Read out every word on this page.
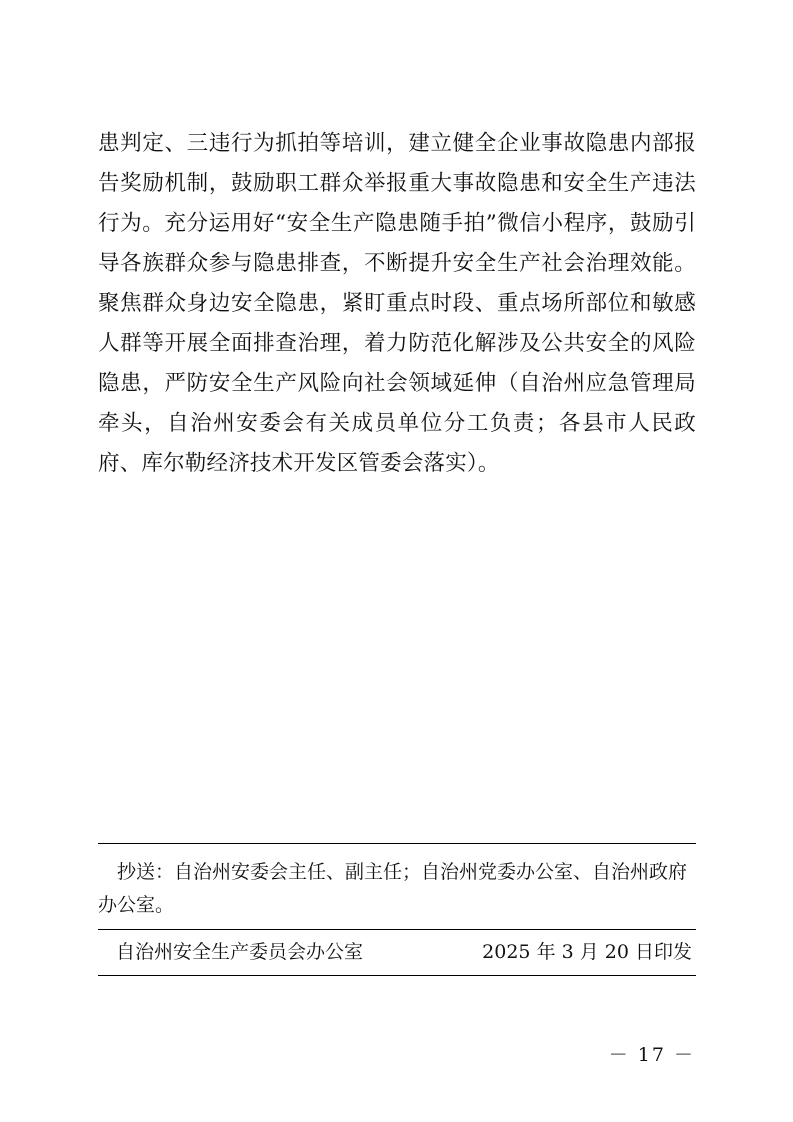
患判定、三违行为抓拍等培训，建立健全企业事故隐患内部报告奖励机制，鼓励职工群众举报重大事故隐患和安全生产违法行为。充分运用好“安全生产隐患随手拍”微信小程序，鼓励引导各族群众参与隐患排查，不断提升安全生产社会治理效能。聚焦群众身边安全隐患，紧盯重点时段、重点场所部位和敏感人群等开展全面排查治理，着力防范化解涉及公共安全的风险隐患，严防安全生产风险向社会领域延伸（自治州应急管理局牵头，自治州安委会有关成员单位分工负责；各县市人民政府、库尔勒经济技术开发区管委会落实）。

抄送：自治州安委会主任、副主任；自治州党委办公室、自治州政府

办公室。

自治州安全生产委员会办公室	2025 年 3 月 20 日印发
－ 17 －
